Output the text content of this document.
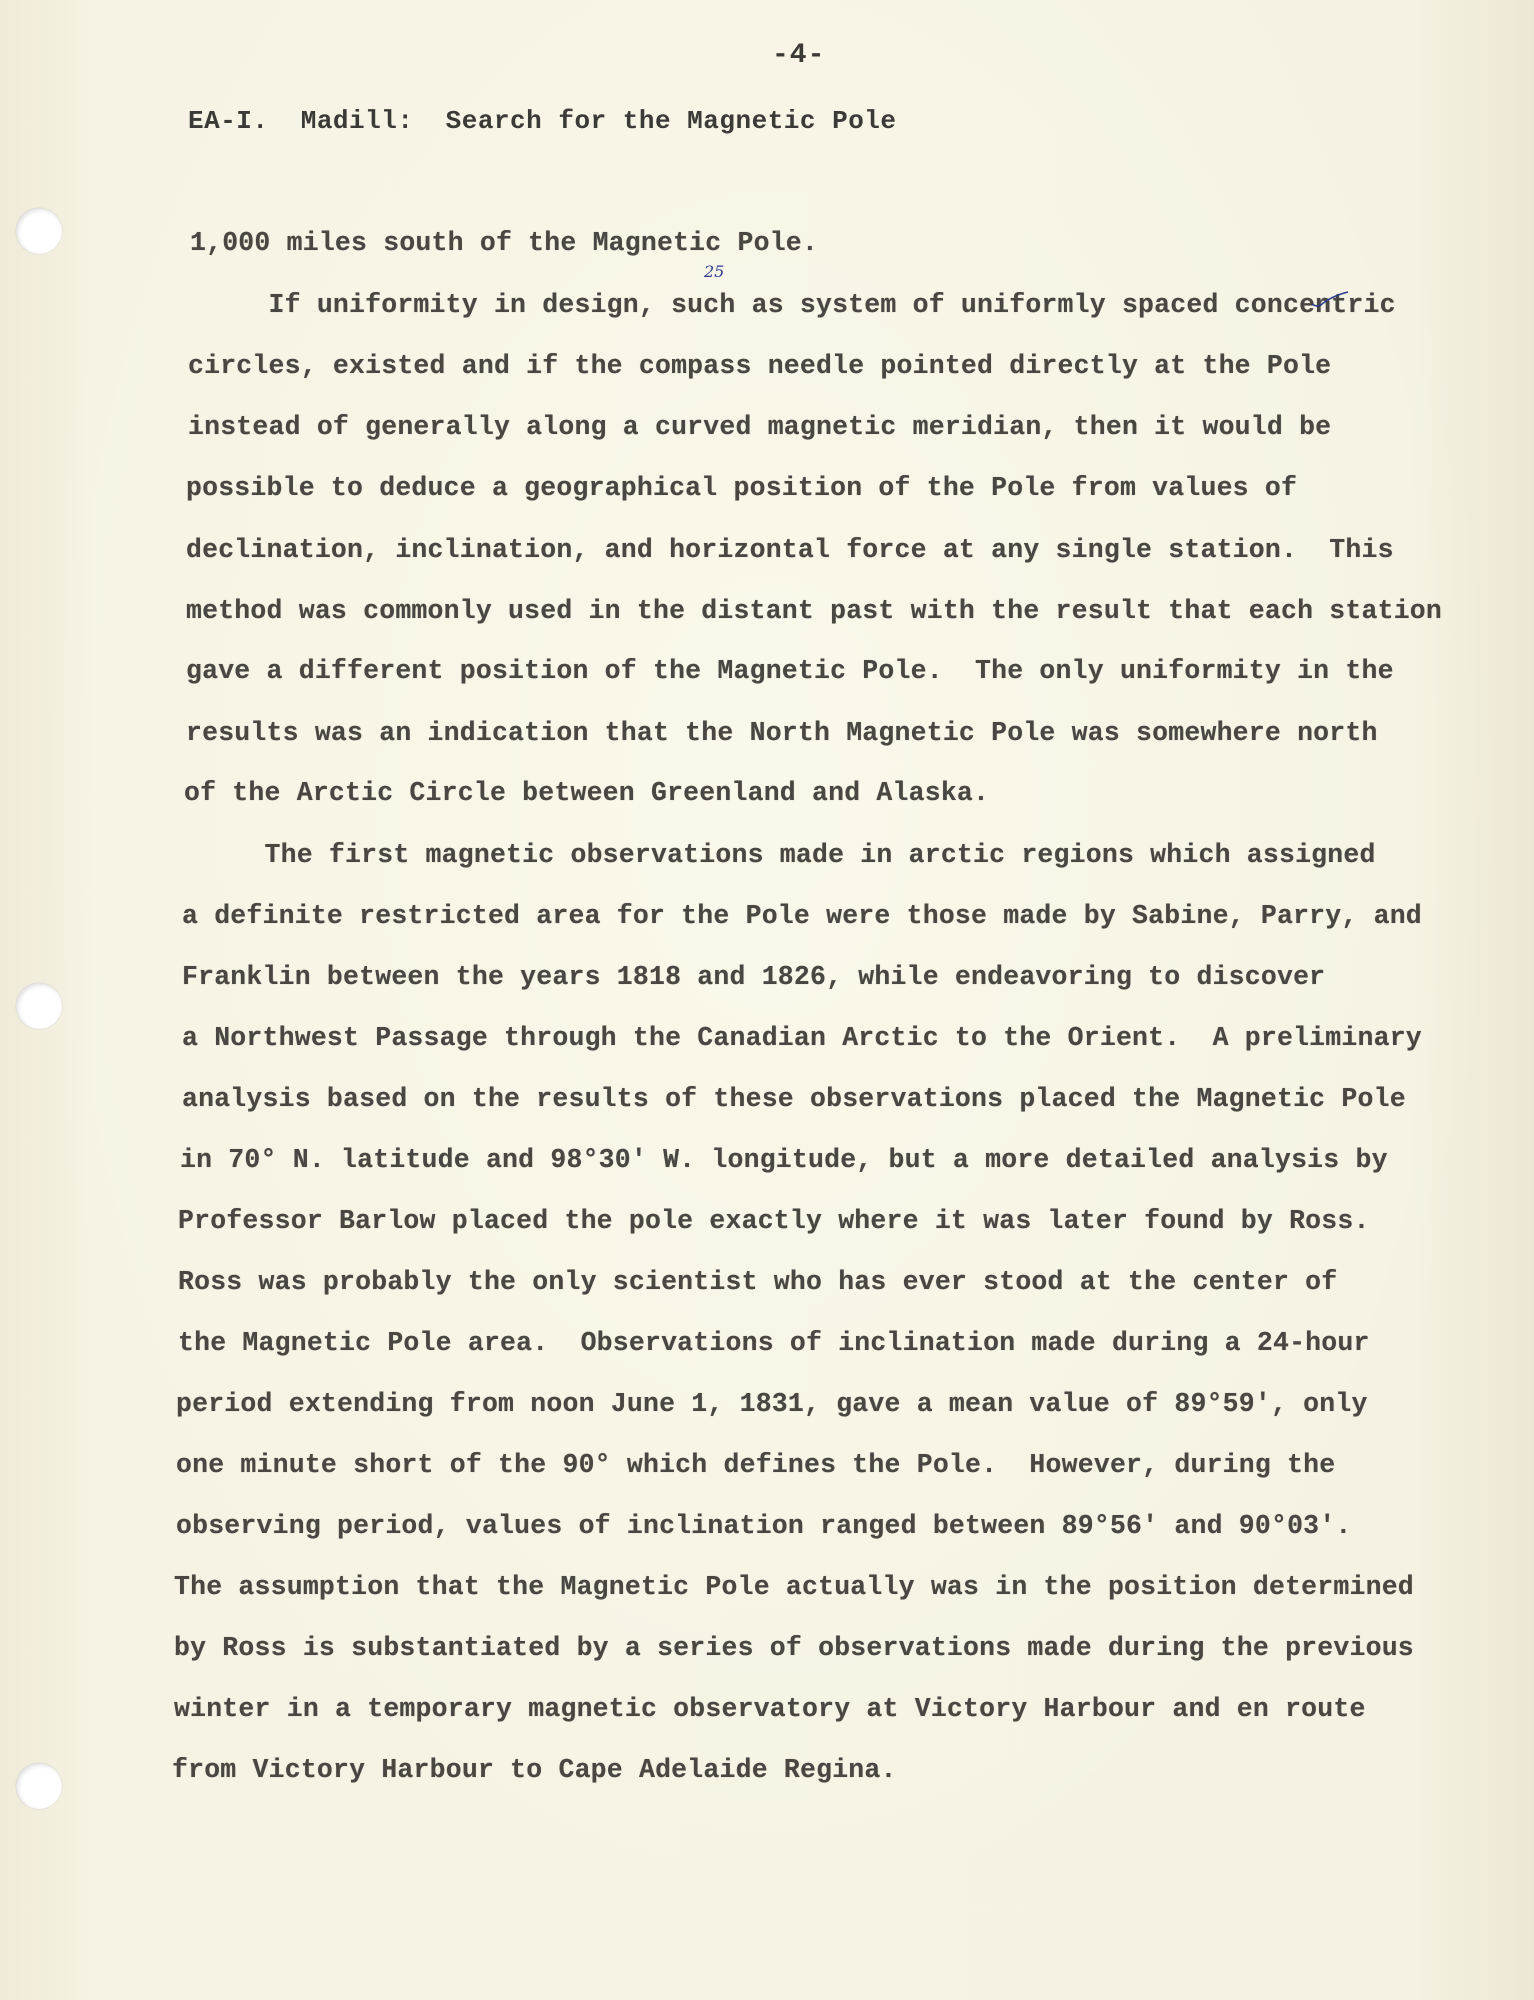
-4-
EA-I.  Madill:  Search for the Magnetic Pole
1,000 miles south of the Magnetic Pole.
If uniformity in design, such as system of uniformly spaced concentric
circles, existed and if the compass needle pointed directly at the Pole
instead of generally along a curved magnetic meridian, then it would be
possible to deduce a geographical position of the Pole from values of
declination, inclination, and horizontal force at any single station.  This
method was commonly used in the distant past with the result that each station
gave a different position of the Magnetic Pole.  The only uniformity in the
results was an indication that the North Magnetic Pole was somewhere north
of the Arctic Circle between Greenland and Alaska.
The first magnetic observations made in arctic regions which assigned
a definite restricted area for the Pole were those made by Sabine, Parry, and
Franklin between the years 1818 and 1826, while endeavoring to discover
a Northwest Passage through the Canadian Arctic to the Orient.  A preliminary
analysis based on the results of these observations placed the Magnetic Pole
in 70° N. latitude and 98°30' W. longitude, but a more detailed analysis by
Professor Barlow placed the pole exactly where it was later found by Ross.
Ross was probably the only scientist who has ever stood at the center of
the Magnetic Pole area.  Observations of inclination made during a 24-hour
period extending from noon June 1, 1831, gave a mean value of 89°59', only
one minute short of the 90° which defines the Pole.  However, during the
observing period, values of inclination ranged between 89°56' and 90°03'.
The assumption that the Magnetic Pole actually was in the position determined
by Ross is substantiated by a series of observations made during the previous
winter in a temporary magnetic observatory at Victory Harbour and en route
from Victory Harbour to Cape Adelaide Regina.
25
